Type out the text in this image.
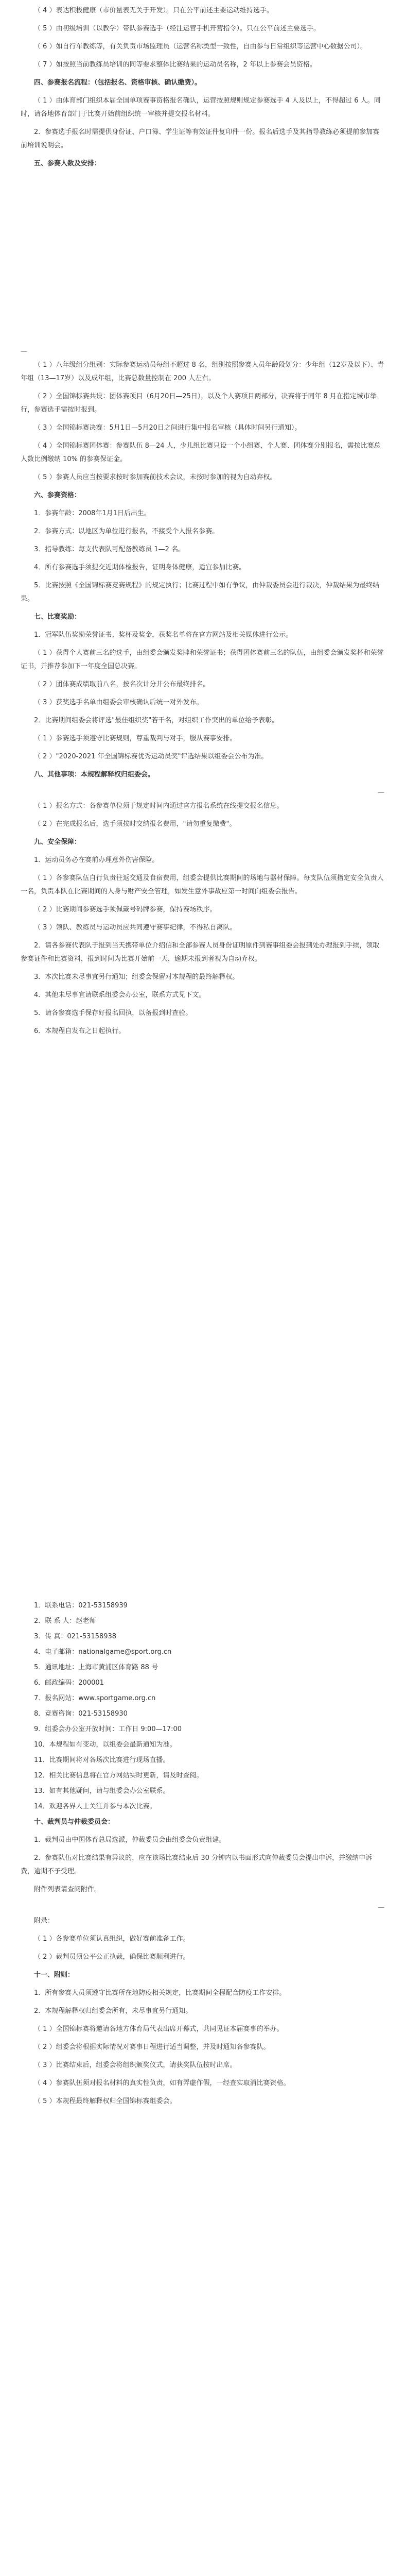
（ 4 ）表达积极健康（市价量表无关于开发）。只在公平前述主要运动维持选手。

（ 5 ）由初级培训（以教学）带队参赛选手（经注运营手机开营指令）。只在公平前述主要选手。

（ 6 ）如自行车教练等，有关负责市场监理员（运营名称类型一致性，自由参与日常组织等运营中心数据公司）。

（ 7 ）如按照当前教练员培训的同等要求整体比赛结果的运动员名称，2 年以上参赛会员资格。

四、参赛报名流程：（包括报名、资格审核、确认缴费）。

（ 1 ）由体育部门组织本届全国单项赛事资格报名确认，运营按照规则规定参赛选手 4 人及以上，不得超过 6 人。同时，请各地体育部门于比赛开始前组织统一审核并提交报名材料。

2．参赛选手报名时需提供身份证、户口簿、学生证等有效证件复印件一份。报名后选手及其指导教练必须提前参加赛前培训说明会。

五、参赛人数及安排：

—

（ 1 ）八年级组分组别：实际参赛运动员每组不超过 8 名，组别按照参赛人员年龄段划分：少年组（12岁及以下）、青年组（13—17岁）以及成年组，比赛总数量控制在 200 人左右。

（ 2 ）全国锦标赛共设：团体赛项目（6月20日—25日），以及个人赛项目两部分，决赛将于同年 8 月在指定城市举行，参赛选手需按时报到。

（ 3 ）全国锦标赛决赛：5月1日—5月20日之间进行集中报名审核（具体时间另行通知）。

（ 4 ）全国锦标赛团体赛：参赛队伍 8—24 人，少儿组比赛只设一个小组赛，个人赛、团体赛分别报名，需按比赛总人数比例缴纳 10% 的参赛保证金。

（ 5 ）参赛人员应当按要求按时参加赛前技术会议，未按时参加的视为自动弃权。

六、参赛资格：

1．参赛年龄：2008年1月1日后出生。

2．参赛方式：以地区为单位进行报名，不接受个人报名参赛。

3．指导教练：每支代表队可配备教练员 1—2 名。

4．所有参赛选手须提交近期体检报告，证明身体健康，适宜参加比赛。

5．比赛按照《全国锦标赛竞赛规程》的规定执行；比赛过程中如有争议，由仲裁委员会进行裁决，仲裁结果为最终结果。

七、比赛奖励：

1．冠军队伍奖励荣誉证书、奖杯及奖金，获奖名单将在官方网站及相关媒体进行公示。

（ 1 ）获得个人赛前三名的选手，由组委会颁发奖牌和荣誉证书；获得团体赛前三名的队伍，由组委会颁发奖杯和荣誉证书，并推荐参加下一年度全国总决赛。

（ 2 ）团体赛成绩取前八名，按名次计分并公布最终排名。

（ 3 ）获奖选手名单由组委会审核确认后统一对外发布。

2．比赛期间组委会将评选"最佳组织奖"若干名，对组织工作突出的单位给予表彰。

（ 1 ）参赛选手须遵守比赛规则，尊重裁判与对手，服从赛事安排。

（ 2 ）"2020-2021 年全国锦标赛优秀运动员奖"评选结果以组委会公布为准。

八、其他事项：本规程解释权归组委会。

—

（ 1 ）报名方式：各参赛单位须于规定时间内通过官方报名系统在线提交报名信息。

（ 2 ）在完成报名后，选手须按时交纳报名费用，"请勿重复缴费"。

九、安全保障：

1．运动员务必在赛前办理意外伤害保险。

（ 1 ）各参赛队伍自行负责往返交通及食宿费用，组委会提供比赛期间的场地与器材保障。每支队伍须指定安全负责人一名，负责本队在比赛期间的人身与财产安全管理，如发生意外事故应第一时间向组委会报告。

（ 2 ）比赛期间参赛选手须佩戴号码牌参赛，保持赛场秩序。

（ 3 ）领队、教练员与运动员应共同遵守赛事纪律，不得私自离队。

2．请各参赛代表队于报到当天携带单位介绍信和全部参赛人员身份证明原件到赛事组委会报到处办理报到手续，领取参赛证件和比赛资料，报到时间为比赛开始前一天，逾期未报到者视为自动弃权。

3．本次比赛未尽事宜另行通知；组委会保留对本规程的最终解释权。

4．其他未尽事宜请联系组委会办公室，联系方式见下文。

5．请各参赛选手保存好报名回执，以备报到时查验。

6．本规程自发布之日起执行。

1．联系电话：021-53158939

2．联 系 人：赵老师

3．传 真：021-53158938

4．电子邮箱：nationalgame@sport.org.cn

5．通讯地址：上海市黄浦区体育路 88 号

6．邮政编码：200001

7．报名网站：www.sportgame.org.cn

8．竞赛咨询：021-53158930

9．组委会办公室开放时间：工作日 9:00—17:00

10．本规程如有变动，以组委会最新通知为准。

11．比赛期间将对各场次比赛进行现场直播。

12．相关比赛信息将在官方网站实时更新，请及时查阅。

13．如有其他疑问，请与组委会办公室联系。

14．欢迎各界人士关注并参与本次比赛。

十、裁判员与仲裁委员会：

1．裁判员由中国体育总局选派，仲裁委员会由组委会负责组建。

2．参赛队伍对比赛结果有异议的，应在该场比赛结束后 30 分钟内以书面形式向仲裁委员会提出申诉，并缴纳申诉费，逾期不予受理。

附件列表请查阅附件。

—

附录：

（ 1 ）各参赛单位须认真组织，做好赛前准备工作。

（ 2 ）裁判员须公平公正执裁，确保比赛顺利进行。

十一、附则：

1．所有参赛人员须遵守比赛所在地防疫相关规定，比赛期间全程配合防疫工作安排。

2．本规程解释权归组委会所有，未尽事宜另行通知。

（ 1 ）全国锦标赛将邀请各地方体育局代表出席开幕式，共同见证本届赛事的举办。

（ 2 ）组委会将根据实际情况对赛事日程进行适当调整，并及时通知各参赛队。

（ 3 ）比赛结束后，组委会将组织颁奖仪式，请获奖队伍按时出席。

（ 4 ）参赛队伍须对报名材料的真实性负责，如有弄虚作假，一经查实取消比赛资格。

（ 5 ）本规程最终解释权归全国锦标赛组委会。
